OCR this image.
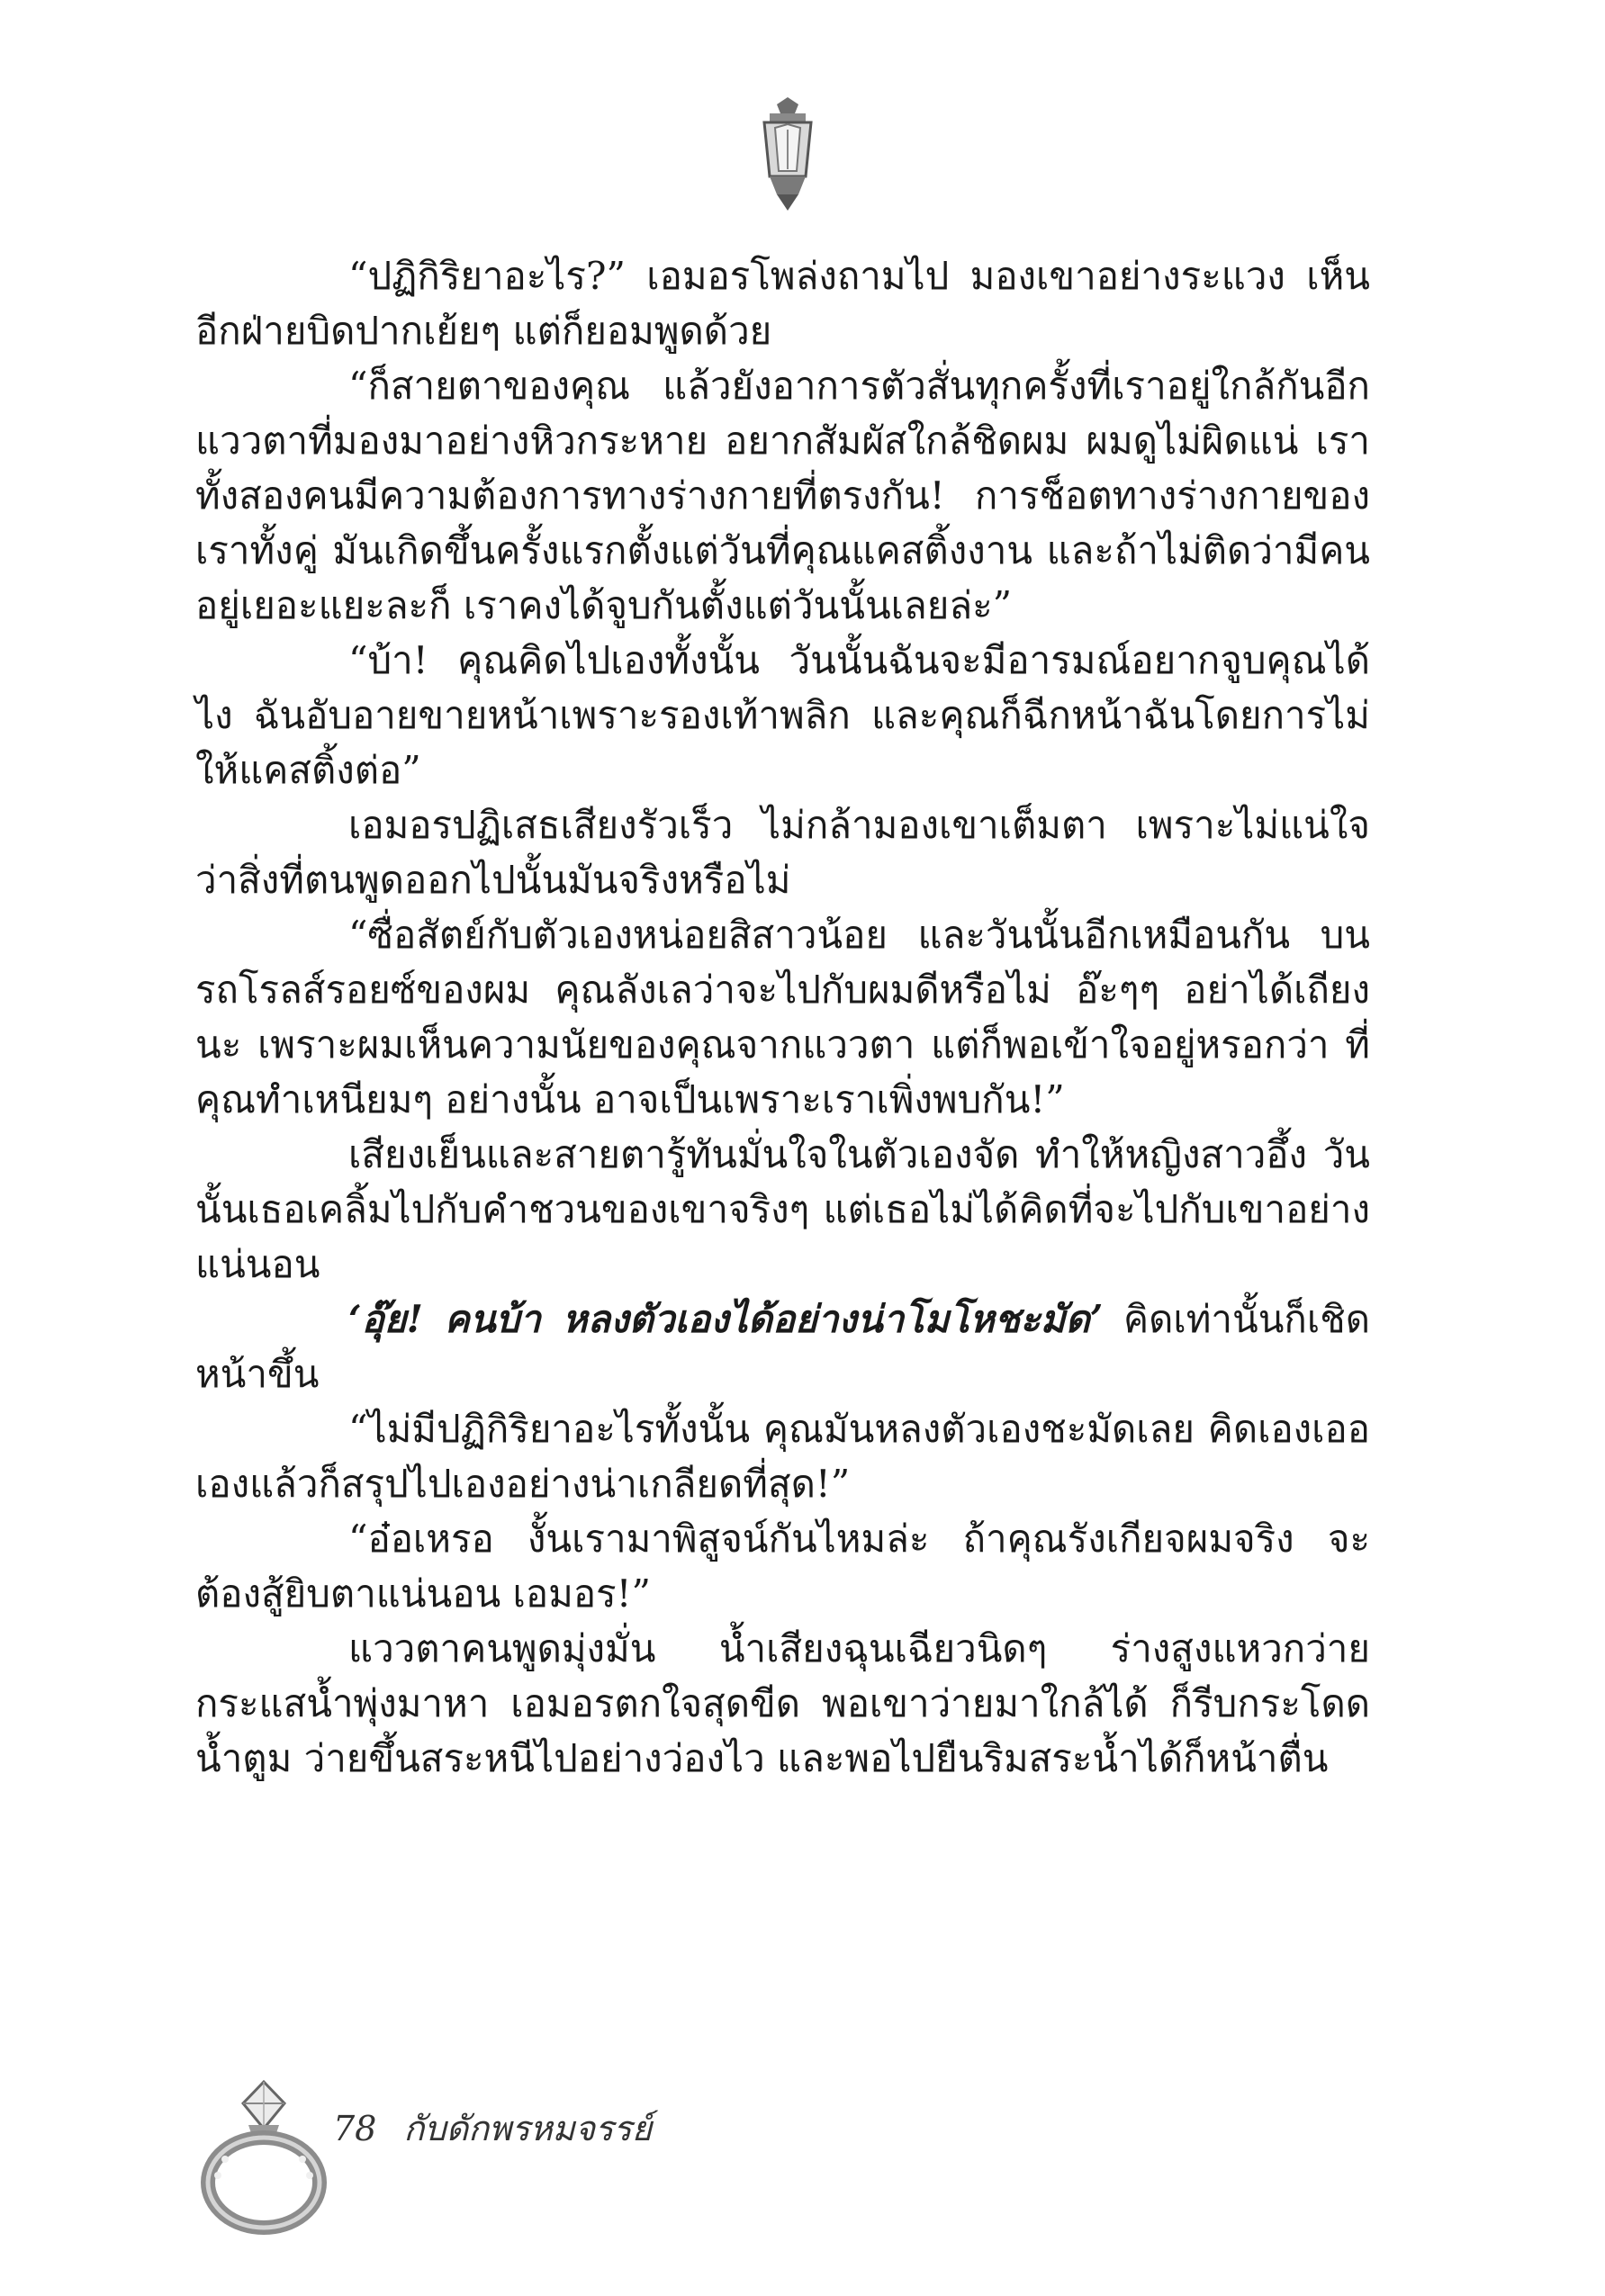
“ปฏิกิริยาอะไร?” เอมอรโพล่งถามไป มองเขาอย่างระแวง เห็นอีกฝ่ายบิดปากเย้ยๆ แต่ก็ยอมพูดด้วย

“ก็สายตาของคุณ แล้วยังอาการตัวสั่นทุกครั้งที่เราอยู่ใกล้กันอีก แววตาที่มองมาอย่างหิวกระหาย อยากสัมผัสใกล้ชิดผม ผมดูไม่ผิดแน่ เราทั้งสองคนมีความต้องการทางร่างกายที่ตรงกัน! การช็อตทางร่างกายของเราทั้งคู่ มันเกิดขึ้นครั้งแรกตั้งแต่วันที่คุณแคสติ้งงาน และถ้าไม่ติดว่ามีคนอยู่เยอะแยะละก็ เราคงได้จูบกันตั้งแต่วันนั้นเลยล่ะ”

“บ้า! คุณคิดไปเองทั้งนั้น วันนั้นฉันจะมีอารมณ์อยากจูบคุณได้ไง ฉันอับอายขายหน้าเพราะรองเท้าพลิก และคุณก็ฉีกหน้าฉันโดยการไม่ให้แคสติ้งต่อ”

เอมอรปฏิเสธเสียงรัวเร็ว ไม่กล้ามองเขาเต็มตา เพราะไม่แน่ใจว่าสิ่งที่ตนพูดออกไปนั้นมันจริงหรือไม่

“ซื่อสัตย์กับตัวเองหน่อยสิสาวน้อย และวันนั้นอีกเหมือนกัน บนรถโรลส์รอยซ์ของผม คุณลังเลว่าจะไปกับผมดีหรือไม่ อ๊ะๆๆ อย่าได้เถียงนะ เพราะผมเห็นความนัยของคุณจากแววตา แต่ก็พอเข้าใจอยู่หรอกว่า ที่คุณทำเหนียมๆ อย่างนั้น อาจเป็นเพราะเราเพิ่งพบกัน!”

เสียงเย็นและสายตารู้ทันมั่นใจในตัวเองจัด ทำให้หญิงสาวอึ้ง วันนั้นเธอเคลิ้มไปกับคำชวนของเขาจริงๆ แต่เธอไม่ได้คิดที่จะไปกับเขาอย่างแน่นอน

‘อุ๊ย! คนบ้า หลงตัวเองได้อย่างน่าโมโหชะมัด’ คิดเท่านั้นก็เชิดหน้าขึ้น

“ไม่มีปฏิกิริยาอะไรทั้งนั้น คุณมันหลงตัวเองชะมัดเลย คิดเองเออเองแล้วก็สรุปไปเองอย่างน่าเกลียดที่สุด!”

“อ๋อเหรอ งั้นเรามาพิสูจน์กันไหมล่ะ ถ้าคุณรังเกียจผมจริง จะต้องสู้ยิบตาแน่นอน เอมอร!”

แววตาคนพูดมุ่งมั่น น้ำเสียงฉุนเฉียวนิดๆ ร่างสูงแหวกว่ายกระแสน้ำพุ่งมาหา เอมอรตกใจสุดขีด พอเขาว่ายมาใกล้ได้ ก็รีบกระโดดน้ำตูม ว่ายขึ้นสระหนีไปอย่างว่องไว และพอไปยืนริมสระน้ำได้ก็หน้าตื่น

78 กับดักพรหมจรรย์
